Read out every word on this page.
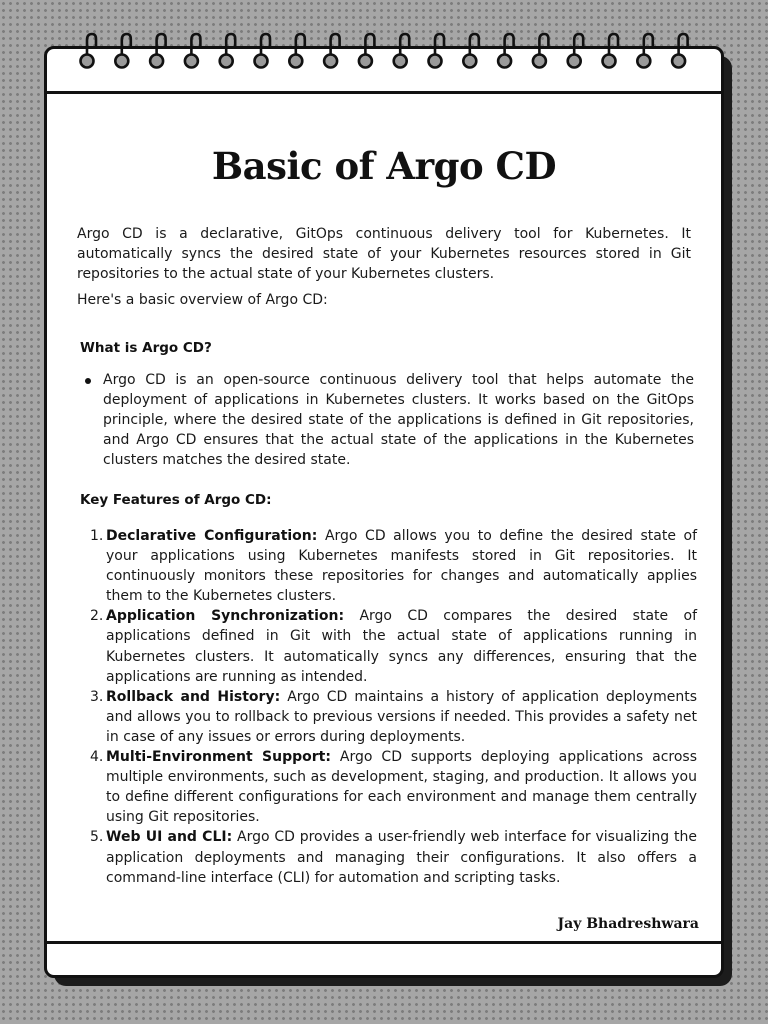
Basic of Argo CD

Argo CD is a declarative, GitOps continuous delivery tool for Kubernetes. It automatically syncs the desired state of your Kubernetes resources stored in Git repositories to the actual state of your Kubernetes clusters.

Here's a basic overview of Argo CD:

What is Argo CD?
Argo CD is an open-source continuous delivery tool that helps automate the deployment of applications in Kubernetes clusters. It works based on the GitOps principle, where the desired state of the applications is defined in Git repositories, and Argo CD ensures that the actual state of the applications in the Kubernetes clusters matches the desired state.
Key Features of Argo CD:
1. Declarative Configuration: Argo CD allows you to define the desired state of your applications using Kubernetes manifests stored in Git repositories. It continuously monitors these repositories for changes and automatically applies them to the Kubernetes clusters.
2. Application Synchronization: Argo CD compares the desired state of applications defined in Git with the actual state of applications running in Kubernetes clusters. It automatically syncs any differences, ensuring that the applications are running as intended.
3. Rollback and History: Argo CD maintains a history of application deployments and allows you to rollback to previous versions if needed. This provides a safety net in case of any issues or errors during deployments.
4. Multi-Environment Support: Argo CD supports deploying applications across multiple environments, such as development, staging, and production. It allows you to define different configurations for each environment and manage them centrally using Git repositories.
5. Web UI and CLI: Argo CD provides a user-friendly web interface for visualizing the application deployments and managing their configurations. It also offers a command-line interface (CLI) for automation and scripting tasks.

Jay Bhadreshwara
